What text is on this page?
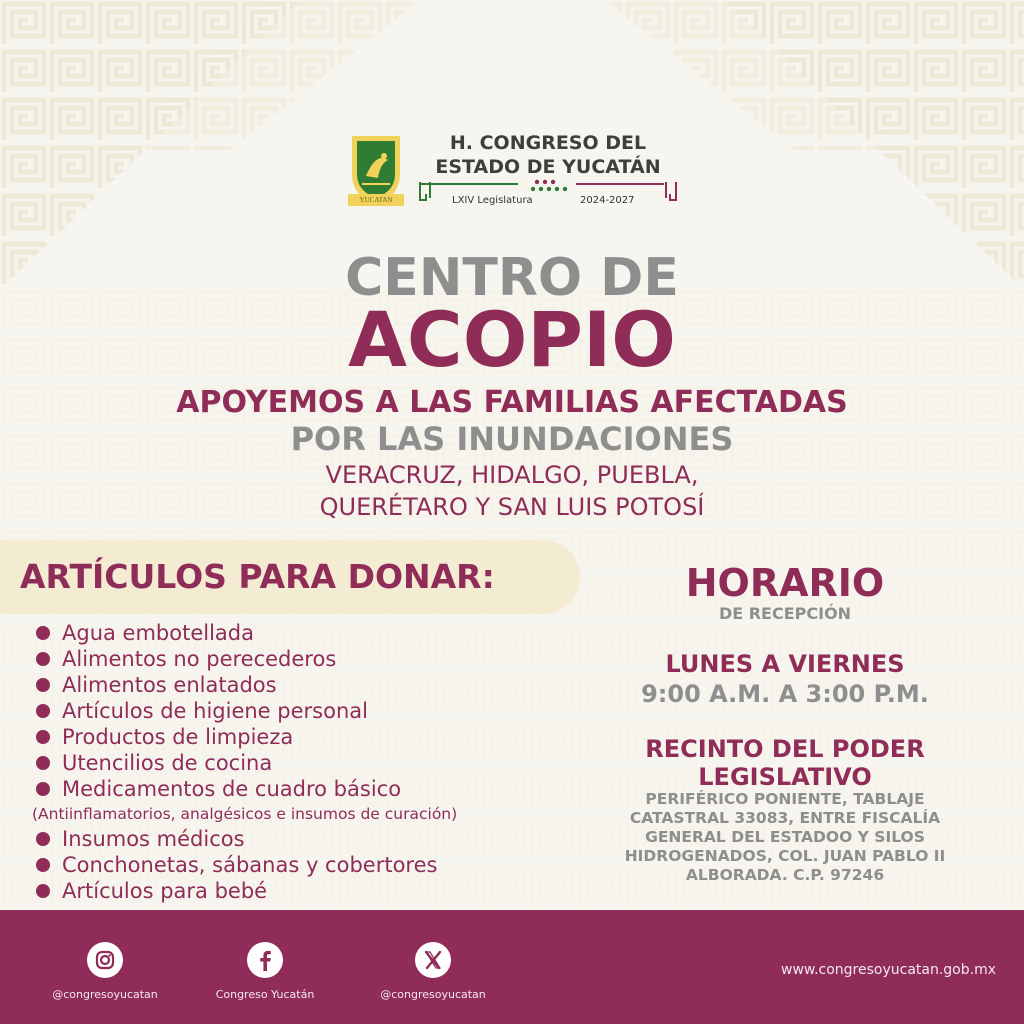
YUCATAN
H. CONGRESO DEL
ESTADO DE YUCATÁN
LXIV Legislatura	2024-2027
CENTRO DE
ACOPIO
APOYEMOS A LAS FAMILIAS AFECTADAS
POR LAS INUNDACIONES
VERACRUZ, HIDALGO, PUEBLA,
QUERÉTARO Y SAN LUIS POTOSÍ
ARTÍCULOS PARA DONAR:
Agua embotellada
Alimentos no perecederos
Alimentos enlatados
Artículos de higiene personal
Productos de limpieza
Utencilios de cocina
Medicamentos de cuadro básico
(Antiinflamatorios, analgésicos e insumos de curación)
Insumos médicos
Conchonetas, sábanas y cobertores
Artículos para bebé
HORARIO
DE RECEPCIÓN
LUNES A VIERNES
9:00 A.M. A 3:00 P.M.
RECINTO DEL PODER
LEGISLATIVO
PERIFÉRICO PONIENTE, TABLAJE
CATASTRAL 33083, ENTRE FISCALÍA
GENERAL DEL ESTADOO Y SILOS
HIDROGENADOS, COL. JUAN PABLO II
ALBORADA. C.P. 97246
@congresoyucatan	Congreso Yucatán	@congresoyucatan
www.congresoyucatan.gob.mx
